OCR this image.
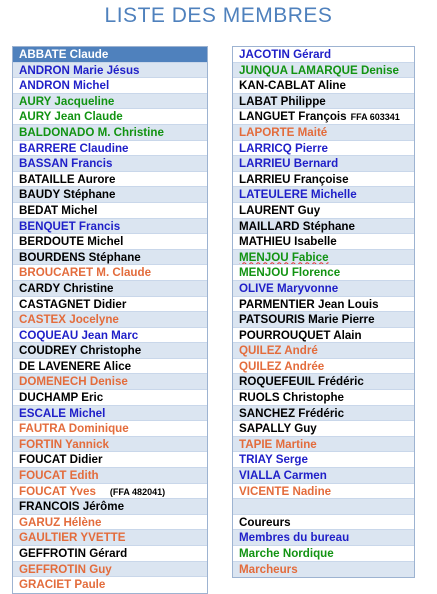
LISTE DES MEMBRES
ABBATE Claude
ANDRON Marie Jésus
ANDRON Michel
AURY Jacqueline
AURY Jean Claude
BALDONADO M. Christine
BARRERE Claudine
BASSAN Francis
BATAILLE Aurore
BAUDY Stéphane
BEDAT Michel
BENQUET Francis
BERDOUTE Michel
BOURDENS Stéphane
BROUCARET M. Claude
CARDY Christine
CASTAGNET Didier
CASTEX Jocelyne
COQUEAU Jean Marc
COUDREY Christophe
DE LAVENERE Alice
DOMENECH Denise
DUCHAMP Eric
ESCALE Michel
FAUTRA Dominique
FORTIN Yannick
FOUCAT Didier
FOUCAT Edith
FOUCAT Yves (FFA 482041)
FRANCOIS Jérôme
GARUZ Hélène
GAULTIER YVETTE
GEFFROTIN Gérard
GEFFROTIN Guy
GRACIET Paule
JACOTIN Gérard
JUNQUA LAMARQUE Denise
KAN-CABLAT Aline
LABAT Philippe
LANGUET François FFA 603341
LAPORTE Maité
LARRICQ Pierre
LARRIEU Bernard
LARRIEU Françoise
LATEULERE Michelle
LAURENT Guy
MAILLARD Stéphane
MATHIEU Isabelle
MENJOU Fabice
MENJOU Florence
OLIVE Maryvonne
PARMENTIER Jean Louis
PATSOURIS Marie Pierre
POURROUQUET Alain
QUILEZ André
QUILEZ Andrée
ROQUEFEUIL Frédéric
RUOLS Christophe
SANCHEZ Frédéric
SAPALLY Guy
TAPIE Martine
TRIAY Serge
VIALLA Carmen
VICENTE Nadine
Coureurs
Membres du bureau
Marche Nordique
Marcheurs
